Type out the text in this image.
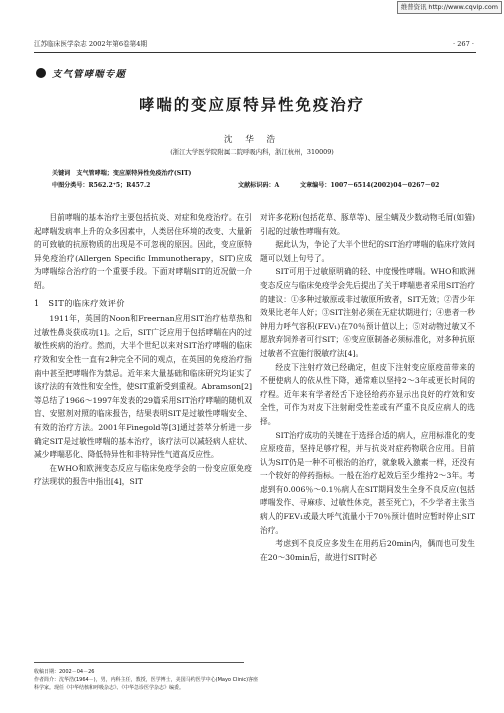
维普资讯 http://www.cqvip.com
江苏临床医学杂志 2002年第6卷第4期	· 267 ·
支气管哮喘专题
哮喘的变应原特异性免疫治疗
沈 华 浩
(浙江大学医学院附属二院呼吸内科，浙江杭州，310009)
关键词　支气管哮喘；变应原特异性免疫治疗(SIT)
中图分类号：R562.2⁺5；R457.2	文献标识码：A	文章编号：1007－6514(2002)04－0267－02

目前哮喘的基本治疗主要包括抗炎、对症和免疫治疗。在引起哮喘发病率上升的众多因素中，人类居住环境的改变、大量新的可致敏的抗原物质的出现是不可忽视的原因。因此，变应原特异免疫治疗(Allergen Specific Immunotherapy，SIT)应成为哮喘综合治疗的一个重要手段。下面对哮喘SIT的近况做一介绍。

1　SIT的临床疗效评价

1911年，英国的Noon和Freernan应用SIT治疗枯草热和过敏性鼻炎获成功[1]。之后，SIT广泛应用于包括哮喘在内的过敏性疾病的治疗。然而，大半个世纪以来对SIT治疗哮喘的临床疗效和安全性一直有2种完全不同的观点，在英国的免疫治疗指南中甚至把哮喘作为禁忌。近年来大量基础和临床研究均证实了该疗法的有效性和安全性，使SIT重新受到重视。Abramson[2]等总结了1966～1997年发表的29篇采用SIT治疗哮喘的随机双盲、安慰剂对照的临床报告，结果表明SIT是过敏性哮喘安全、有效的治疗方法。2001年Finegold等[3]通过荟萃分析进一步确定SIT是过敏性哮喘的基本治疗，该疗法可以减轻病人症状、减少哮喘恶化、降低特异性和非特异性气道高反应性。

在WHO和欧洲变态反应与临床免疫学会的一份变应原免疫疗法现状的报告中指出[4]，SIT

对许多花粉(包括花草、豚草等)、屋尘螨及少数动物毛屑(如猫)引起的过敏性哮喘有效。

据此认为，争论了大半个世纪的SIT治疗哮喘的临床疗效问题可以划上句号了。

SIT可用于过敏原明确的轻、中度慢性哮喘。WHO和欧洲变态反应与临床免疫学会先后提出了关于哮喘患者采用SIT治疗的建议：①多种过敏原或非过敏原所致者，SIT无效；②青少年效果比老年人好；③SIT注射必须在无症状期进行；④患者一秒钟用力呼气容积(FEV₁)在70％预计值以上；⑤对动物过敏又不愿放弃饲养者可行SIT；⑥变应原制备必须标准化，对多种抗原过敏者不宜施行脱敏疗法[4]。

经皮下注射疗效已经确定，但皮下注射变应原疫苗带来的不便使病人的依从性下降，通常难以坚持2～3年或更长时间的疗程。近年来有学者经舌下途径给药亦显示出良好的疗效和安全性，可作为对皮下注射耐受性差或有严重不良反应病人的选择。

SIT治疗成功的关键在于选择合适的病人，应用标准化的变应原疫苗，坚持足够疗程，并与抗炎对症药物联合应用。目前认为SIT仍是一种不可根治的治疗，就象吸入激素一样，还没有一个较好的停药指标。一般在治疗起效后至少维持2～3年。考虑到有0.006％～0.1％病人在SIT期间发生全身不良反应(包括哮喘发作、寻麻疹、过敏性休克，甚至死亡)，不少学者主张当病人的FEV₁或最大呼气流量小于70％预计值时应暂时停止SIT治疗。

考虑到不良反应多发生在用药后20min内，偶而也可发生在20～30min后，故进行SIT时必

收稿日期：2002－04－26

作者简介：沈华浩(1964－)，男，内科主任，教授，医学博士，美国马约医学中心(Mayo Clinic)客座科学家。现任《中华结核和呼吸杂志》、《中华急诊医学杂志》编委。
